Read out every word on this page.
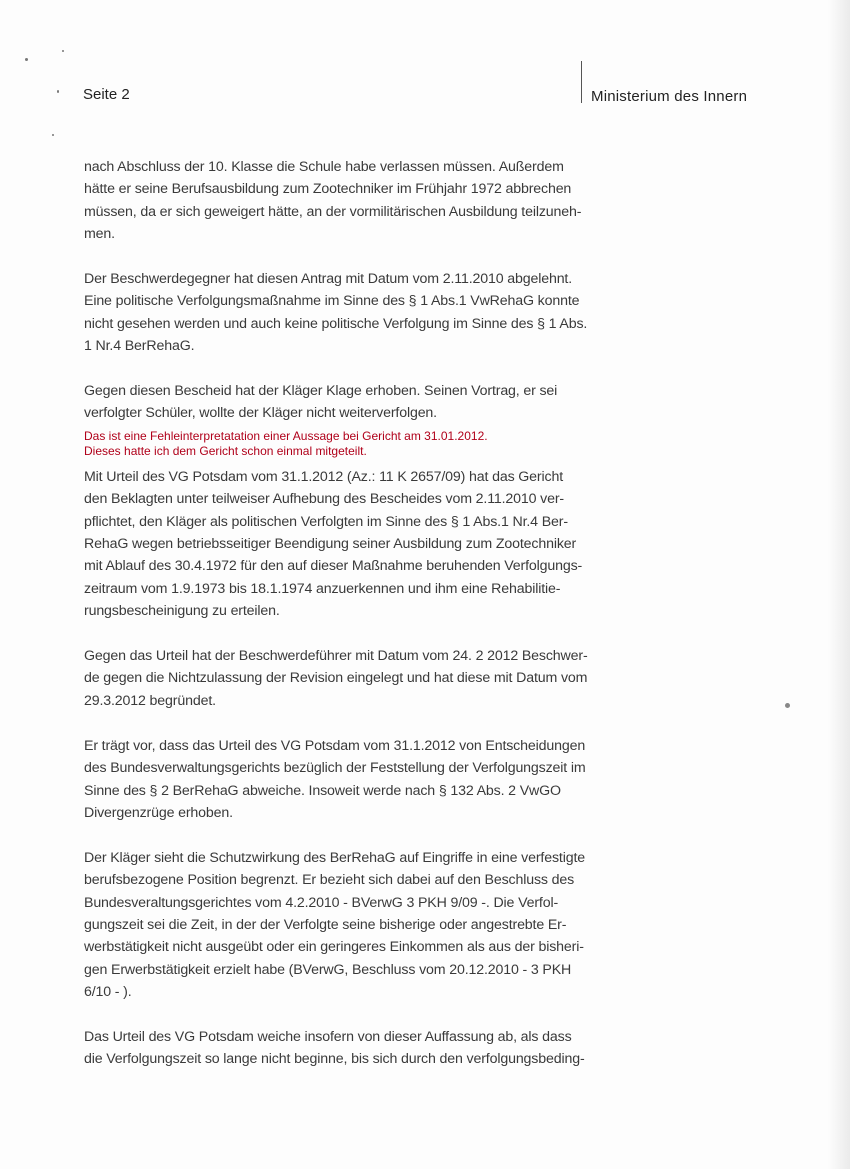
Seite 2	Ministerium des Innern

nach Abschluss der 10. Klasse die Schule habe verlassen müssen. Außerdem
hätte er seine Berufsausbildung zum Zootechniker im Frühjahr 1972 abbrechen
müssen, da er sich geweigert hätte, an der vormilitärischen Ausbildung teilzuneh-
men.

Der Beschwerdegegner hat diesen Antrag mit Datum vom 2.11.2010 abgelehnt.
Eine politische Verfolgungsmaßnahme im Sinne des § 1 Abs.1 VwRehaG konnte
nicht gesehen werden und auch keine politische Verfolgung im Sinne des § 1 Abs.
1 Nr.4 BerRehaG.

Gegen diesen Bescheid hat der Kläger Klage erhoben. Seinen Vortrag, er sei
verfolgter Schüler, wollte der Kläger nicht weiterverfolgen.

Das ist eine Fehleinterpretatation einer Aussage bei Gericht am 31.01.2012.
Dieses hatte ich dem Gericht schon einmal mitgeteilt.

Mit Urteil des VG Potsdam vom 31.1.2012 (Az.: 11 K 2657/09) hat das Gericht
den Beklagten unter teilweiser Aufhebung des Bescheides vom 2.11.2010 ver-
pflichtet, den Kläger als politischen Verfolgten im Sinne des § 1 Abs.1 Nr.4 Ber-
RehaG wegen betriebsseitiger Beendigung seiner Ausbildung zum Zootechniker
mit Ablauf des 30.4.1972 für den auf dieser Maßnahme beruhenden Verfolgungs-
zeitraum vom 1.9.1973 bis 18.1.1974 anzuerkennen und ihm eine Rehabilitie-
rungsbescheinigung zu erteilen.

Gegen das Urteil hat der Beschwerdeführer mit Datum vom 24. 2 2012 Beschwer-
de gegen die Nichtzulassung der Revision eingelegt und hat diese mit Datum vom
29.3.2012 begründet.

Er trägt vor, dass das Urteil des VG Potsdam vom 31.1.2012 von Entscheidungen
des Bundesverwaltungsgerichts bezüglich der Feststellung der Verfolgungszeit im
Sinne des § 2 BerRehaG abweiche. Insoweit werde nach § 132 Abs. 2 VwGO
Divergenzrüge erhoben.

Der Kläger sieht die Schutzwirkung des BerRehaG auf Eingriffe in eine verfestigte
berufsbezogene Position begrenzt. Er bezieht sich dabei auf den Beschluss des
Bundesveraltungsgerichtes vom 4.2.2010 - BVerwG 3 PKH 9/09 -. Die Verfol-
gungszeit sei die Zeit, in der der Verfolgte seine bisherige oder angestrebte Er-
werbstätigkeit nicht ausgeübt oder ein geringeres Einkommen als aus der bisheri-
gen Erwerbstätigkeit erzielt habe (BVerwG, Beschluss vom 20.12.2010 - 3 PKH
6/10 - ).

Das Urteil des VG Potsdam weiche insofern von dieser Auffassung ab, als dass
die Verfolgungszeit so lange nicht beginne, bis sich durch den verfolgungsbeding-
